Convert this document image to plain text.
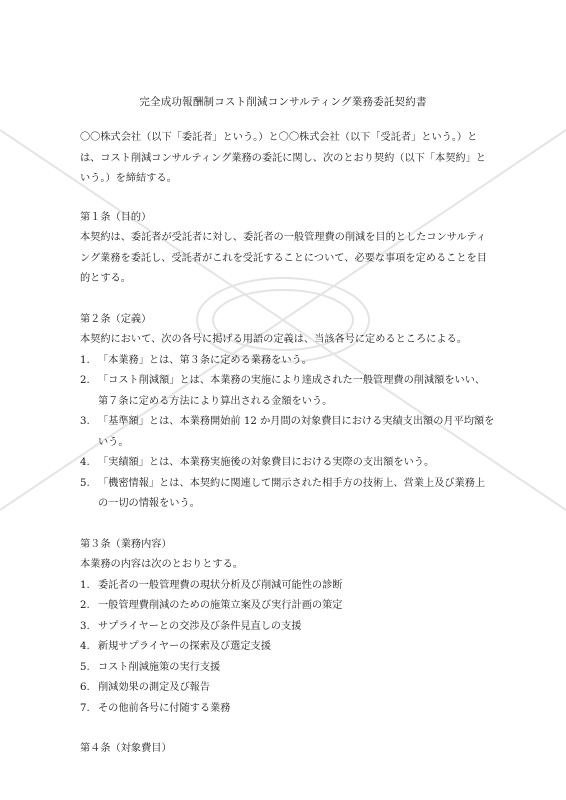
完全成功報酬制コスト削減コンサルティング業務委託契約書

〇〇株式会社（以下「委託者」という。）と〇〇株式会社（以下「受託者」という。）とは、コスト削減コンサルティング業務の委託に関し、次のとおり契約（以下「本契約」という。）を締結する。

第１条（目的）

本契約は、委託者が受託者に対し、委託者の一般管理費の削減を目的としたコンサルティング業務を委託し、受託者がこれを受託することについて、必要な事項を定めることを目的とする。

第２条（定義）

本契約において、次の各号に掲げる用語の定義は、当該各号に定めるところによる。

1. 「本業務」とは、第３条に定める業務をいう。
2. 「コスト削減額」とは、本業務の実施により達成された一般管理費の削減額をいい、第７条に定める方法により算出される金額をいう。
3. 「基準額」とは、本業務開始前 12 か月間の対象費目における実績支出額の月平均額をいう。
4. 「実績額」とは、本業務実施後の対象費目における実際の支出額をいう。
5. 「機密情報」とは、本契約に関連して開示された相手方の技術上、営業上及び業務上の一切の情報をいう。

第３条（業務内容）

本業務の内容は次のとおりとする。

1. 委託者の一般管理費の現状分析及び削減可能性の診断
2. 一般管理費削減のための施策立案及び実行計画の策定
3. サプライヤーとの交渉及び条件見直しの支援
4. 新規サプライヤーの探索及び選定支援
5. コスト削減施策の実行支援
6. 削減効果の測定及び報告
7. その他前各号に付随する業務

第４条（対象費目）
